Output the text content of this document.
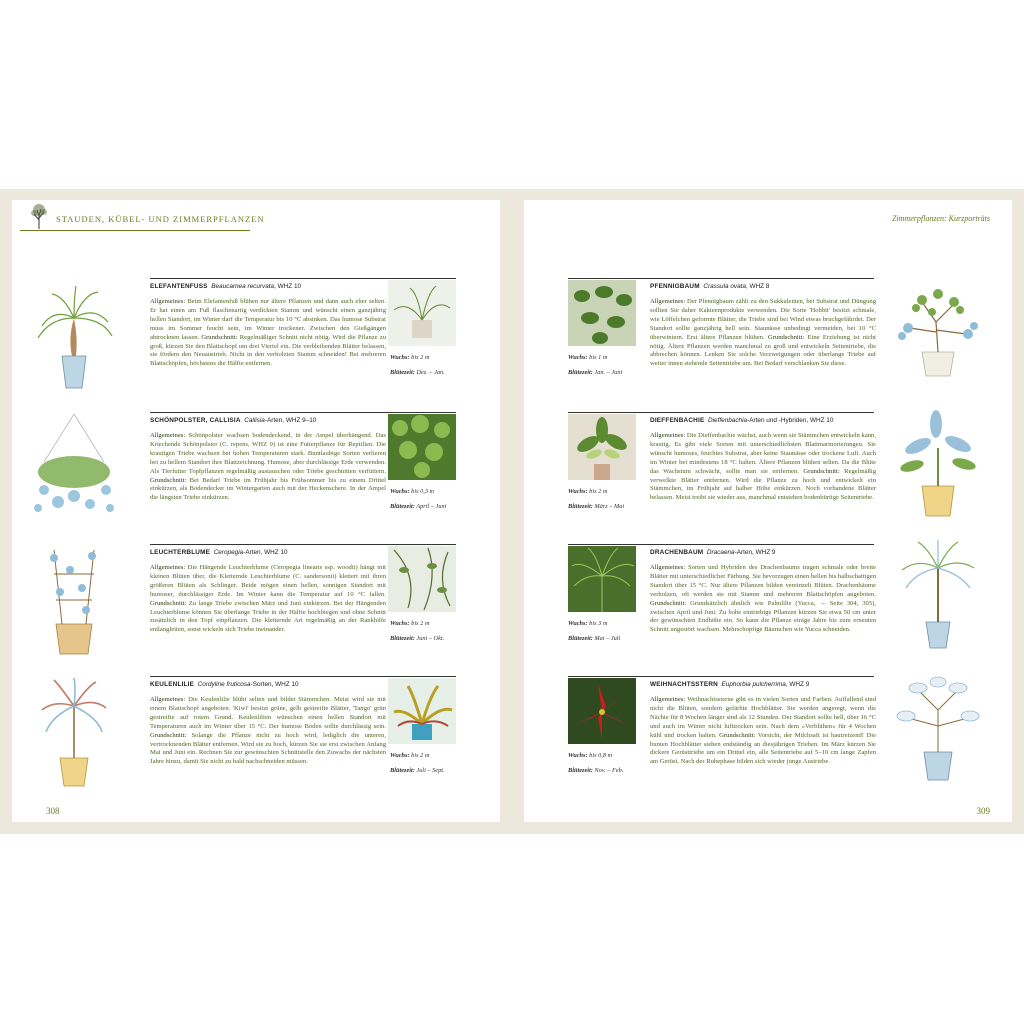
STAUDEN, KÜBEL- UND ZIMMERPFLANZEN
ELEFANTENFUSS Beaucarnea recurvata, WHZ 10
Allgemeines: Beim Elefantenfuß blühen nur ältere Pflanzen und dann auch eher selten. Er hat einen am Fuß flaschenartig verdickten Stamm und wünscht einen ganzjährig hellen Standort, im Winter darf die Temperatur bis 10 °C absinken. Das humose Substrat muss im Sommer feucht sein, im Winter trockener. Zwischen den Gießgängen abtrocknen lassen. Grundschnitt: Regelmäßiger Schnitt nicht nötig. Wird die Pflanze zu groß, kürzen Sie den Blattschopf um drei Viertel ein. Die verbleibenden Blätter belassen, sie fördern den Neuaustrieb. Nicht in den verholzten Stamm schneiden! Bei mehreren Blattschöpfen, höchstens die Hälfte entfernen.

Wuchs: bis 2 m

Blütezeit: Dez. – Jan.

SCHÖNPOLSTER, CALLISIA Callisia-Arten, WHZ 9–10
Allgemeines: Schönpolster wachsen bodendeckend, in der Ampel überhängend. Das Kriechende Schönpolster (C. repens, WHZ 9) ist eine Futterpflanze für Reptilien. Die krautigen Triebe wachsen bei hohen Temperaturen stark. Buntlaubige Sorten verlieren bei zu hellem Standort ihre Blattzeichnung. Humose, aber durchlässige Erde verwenden. Als Tierfutter Topfpflanzen regelmäßig austauschen oder Triebe geschnitten verfüttern. Grundschnitt: Bei Bedarf Triebe im Frühjahr bis Frühsommer bis zu einem Drittel einkürzen, als Bodendecker im Wintergarten auch mit der Heckenschere. In der Ampel die längsten Triebe einkürzen.

Wuchs: bis 0,3 m

Blütezeit: April – Juni

LEUCHTERBLUME Ceropegia-Arten, WHZ 10
Allgemeines: Die Hängende Leuchterblume (Ceropegia linearis ssp. woodii) hängt mit kleinen Blüten über, die Kletternde Leuchterblume (C. sandersonii) klettert mit ihren größeren Blüten als Schlinger. Beide mögen einen hellen, sonnigen Standort mit humoser, durchlässiger Erde. Im Winter kann die Temperatur auf 10 °C fallen. Grundschnitt: Zu lange Triebe zwischen März und Juni einkürzen. Bei der Hängenden Leuchterblume können Sie überlange Triebe in der Hälfte hochbiegen und ohne Schnitt zusätzlich in den Topf einpflanzen. Die kletternde Art regelmäßig an der Rankhilfe entlangleiten, sonst wickeln sich Triebe ineinander.

Wuchs: bis 2 m

Blütezeit: Juni – Okt.

KEULENLILIE Cordyline fruticosa-Sorten, WHZ 10
Allgemeines: Die Keulenlilie blüht selten und bildet Stämmchen. Meist wird sie mit einem Blattschopf angeboten. 'Kiwi' besitzt grüne, gelb gestreifte Blätter, 'Tango' grün gestreifte auf rotem Grund. Keulenlilien wünschen einen hellen Standort mit Temperaturen auch im Winter über 15 °C. Der humose Boden sollte durchlässig sein. Grundschnitt: Solange die Pflanze nicht zu hoch wird, lediglich die unteren, vertrocknenden Blätter entfernen. Wird sie zu hoch, kürzen Sie sie erst zwischen Anfang Mai und Juni ein. Rechnen Sie zur gewünschten Schnittstelle den Zuwachs der nächsten Jahre hinzu, damit Sie nicht zu bald nachschneiden müssen.

Wuchs: bis 2 m

Blütezeit: Juli – Sept.

308
Zimmerpflanzen: Kurzporträts
PFENNIGBAUM Crassula ovata, WHZ 8
Allgemeines: Der Pfennigbaum zählt zu den Sukkulenten, bei Substrat und Düngung sollten Sie daher Kakteenprodukte verwenden. Die Sorte 'Hobbit' besitzt schmale, wie Löffelchen geformte Blätter, die Triebe sind bei Wind etwas bruchgefährdet. Der Standort sollte ganzjährig hell sein. Staunässe unbedingt vermeiden, bei 10 °C überwintern. Erst ältere Pflanzen blühen. Grundschnitt: Eine Erziehung ist nicht nötig. Ältere Pflanzen werden manchmal zu groß und entwickeln Seitentriebe, die abbrechen können. Lenken Sie solche Verzweigungen oder überlange Triebe auf weiter innen stehende Seitentriebe um. Bei Bedarf verschlanken Sie diese.

Wuchs: bis 1 m

Blütezeit: Jan. – Juni

DIEFFENBACHIE Dieffenbachia-Arten und -Hybriden, WHZ 10
Allgemeines: Die Dieffenbachie wächst, auch wenn sie Stämmchen entwickeln kann, krautig. Es gibt viele Sorten mit unterschiedlichsten Blattmarmorierungen. Sie wünscht humoses, feuchtes Substrat, aber keine Staunässe oder trockene Luft. Auch im Winter bei mindestens 18 °C halten. Ältere Pflanzen blühen selten. Da die Blüte das Wachstum schwächt, sollte man sie entfernen. Grundschnitt: Regelmäßig verwelkte Blätter entfernen. Wird die Pflanze zu hoch und entwickelt ein Stämmchen, im Frühjahr auf halber Höhe einkürzen. Noch vorhandene Blätter belassen. Meist treibt sie wieder aus, manchmal entstehen bodenbürtige Seitentriebe.

Wuchs: bis 2 m

Blütezeit: März – Mai

DRACHENBAUM Dracaena-Arten, WHZ 9
Allgemeines: Sorten und Hybriden des Drachenbaums tragen schmale oder breite Blätter mit unterschiedlicher Färbung. Sie bevorzugen einen hellen bis halbschattigen Standort über 15 °C. Nur ältere Pflanzen bilden vereinzelt Blüten. Drachenbäume verholzen, oft werden sie mit Stamm und mehreren Blattschöpfen angeboten. Grundschnitt: Grundsätzlich ähnlich wie Palmlilie (Yucca, → Seite 304, 305), zwischen April und Juni. Zu hohe eintriebige Pflanzen kürzen Sie etwa 50 cm unter der gewünschten Endhöhe ein. So kann die Pflanze einige Jahre bis zum erneuten Schnitt ungestört wachsen. Mehrschopfige Bäumchen wie Yucca schneiden.

Wuchs: bis 3 m

Blütezeit: Mai – Juli

WEIHNACHTSSTERN Euphorbia pulcherrima, WHZ 9
Allgemeines: Weihnachtssterne gibt es in vielen Sorten und Farben. Auffallend sind nicht die Blüten, sondern gefärbte Hochblätter. Sie werden angeregt, wenn die Nächte für 8 Wochen länger sind als 12 Stunden. Der Standort sollte hell, über 16 °C und auch im Winter nicht lufttrocken sein. Nach dem »Verblühen« für 4 Wochen kühl und trocken halten. Grundschnitt: Vorsicht, der Milchsaft ist hautreizend! Die bunten Hochblätter stehen endständig an diesjährigen Trieben. Im März kürzen Sie dickere Gerüsttriebe um ein Drittel ein, alle Seitentriebe auf 5–10 cm lange Zapfen am Gerüst. Nach der Ruhephase bilden sich wieder junge Austriebe.

Wuchs: bis 0,8 m

Blütezeit: Nov. – Feb.

309
